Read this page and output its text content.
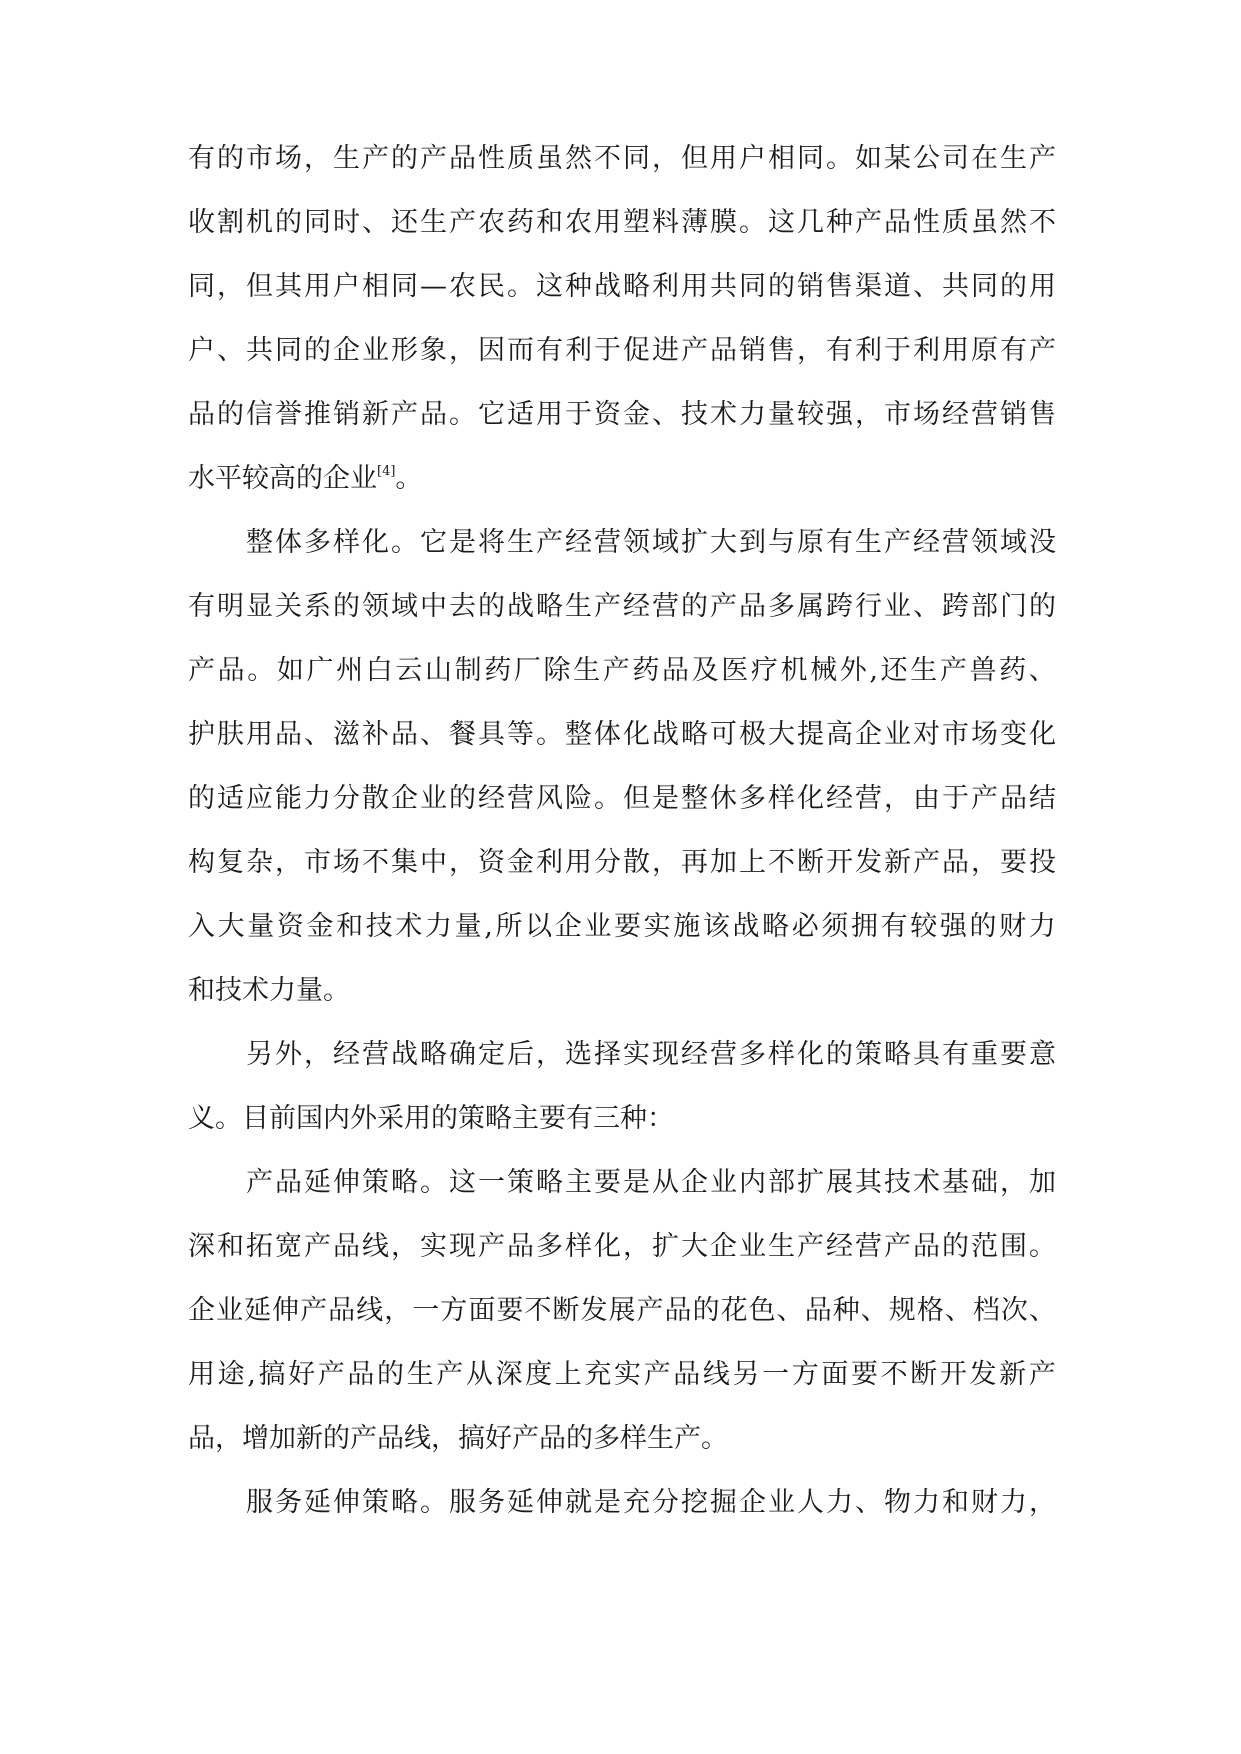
有 的 市 场 ， 生 产 的 产 品 性 质 虽 然 不 同 ， 但 用 户 相 同 。 如 某 公 司 在 生 产
收 割 机 的 同 时 、 还 生 产 农 药 和 农 用 塑 料 薄 膜 。 这 几 种 产 品 性 质 虽 然 不
同 ， 但 其 用 户 相 同 — 农 民 。 这 种 战 略 利 用 共 同 的 销 售 渠 道 、 共 同 的 用
户 、 共 同 的 企 业 形 象 ， 因 而 有 利 于 促 进 产 品 销 售 ， 有 利 于 利 用 原 有 产
品 的 信 誉 推 销 新 产 品 。 它 适 用 于 资 金 、 技 术 力 量 较 强 ， 市 场 经 营 销 售
水平较高的企业[4]。
整 体 多 样 化 。 它 是 将 生 产 经 营 领 域 扩 大 到 与 原 有 生 产 经 营 领 域 没
有 明 显 关 系 的 领 域 中 去 的 战 略 生 产 经 营 的 产 品 多 属 跨 行 业 、 跨 部 门 的
产 品 。 如 广 州 白 云 山 制 药 厂 除 生 产 药 品 及 医 疗 机 械 外 , 还 生 产 兽 药 、
护 肤 用 品 、 滋 补 品 、 餐 具 等 。 整 体 化 战 略 可 极 大 提 高 企 业 对 市 场 变 化
的 适 应 能 力 分 散 企 业 的 经 营 风 险 。 但 是 整 休 多 样 化 经 营 ， 由 于 产 品 结
构 复 杂 ， 市 场 不 集 中 ， 资 金 利 用 分 散 ， 再 加 上 不 断 开 发 新 产 品 ， 要 投
入 大 量 资 金 和 技 术 力 量 , 所 以 企 业 要 实 施 该 战 略 必 须 拥 有 较 强 的 财 力
和技术力量。
另 外 ， 经 营 战 略 确 定 后 ， 选 择 实 现 经 营 多 样 化 的 策 略 具 有 重 要 意
义。目前国内外采用的策略主要有三种：
产 品 延 伸 策 略 。 这 一 策 略 主 要 是 从 企 业 内 部 扩 展 其 技 术 基 础 ， 加
深 和 拓 宽 产 品 线 ， 实 现 产 品 多 样 化 ， 扩 大 企 业 生 产 经 营 产 品 的 范 围 。
企 业 延 伸 产 品 线 ， 一 方 面 要 不 断 发 展 产 品 的 花 色 、 品 种 、 规 格 、 档 次 、
用 途 , 搞 好 产 品 的 生 产 从 深 度 上 充 实 产 品 线 另 一 方 面 要 不 断 开 发 新 产
品，增加新的产品线，搞好产品的多样生产。
服 务 延 伸 策 略 。 服 务 延 伸 就 是 充 分 挖 掘 企 业 人 力 、 物 力 和 财 力 ，
